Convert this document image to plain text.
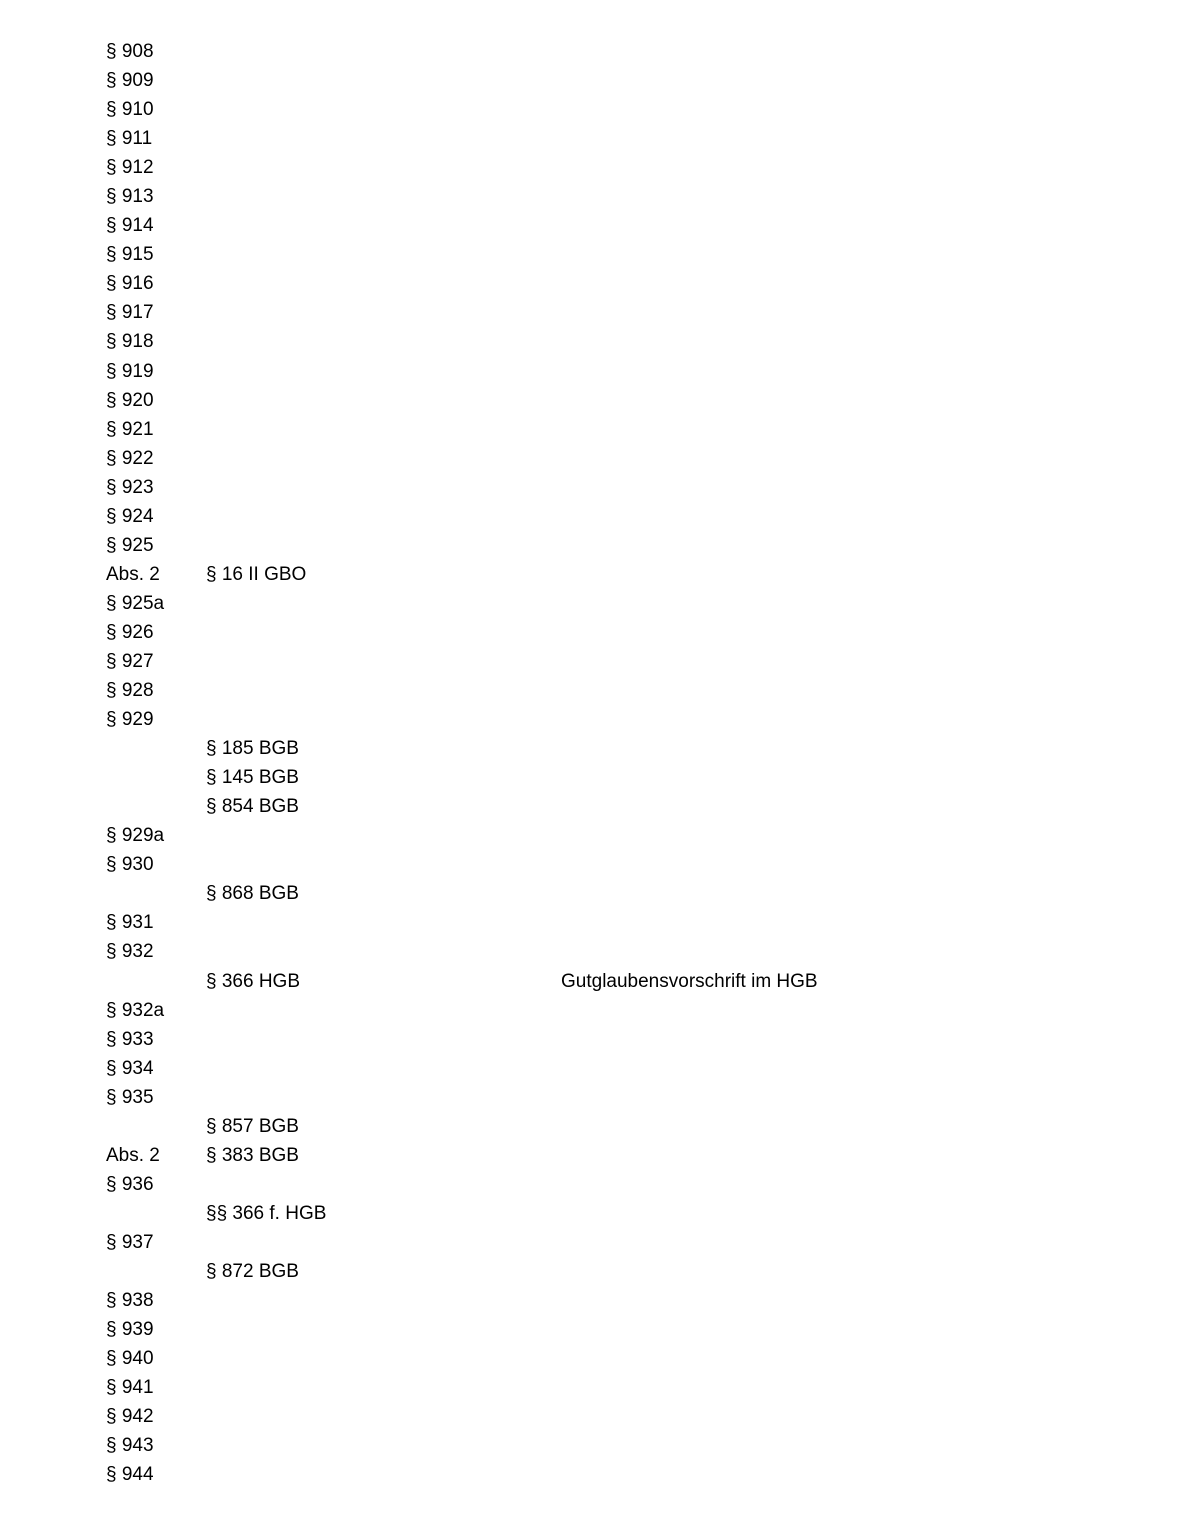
§ 908
§ 909
§ 910
§ 911
§ 912
§ 913
§ 914
§ 915
§ 916
§ 917
§ 918
§ 919
§ 920
§ 921
§ 922
§ 923
§ 924
§ 925
Abs. 2 § 16 II GBO
§ 925a
§ 926
§ 927
§ 928
§ 929
§ 185 BGB
§ 145 BGB
§ 854 BGB
§ 929a
§ 930
§ 868 BGB
§ 931
§ 932
§ 366 HGB	Gutglaubensvorschrift im HGB
§ 932a
§ 933
§ 934
§ 935
§ 857 BGB
Abs. 2 § 383 BGB
§ 936
§§ 366 f. HGB
§ 937
§ 872 BGB
§ 938
§ 939
§ 940
§ 941
§ 942
§ 943
§ 944
